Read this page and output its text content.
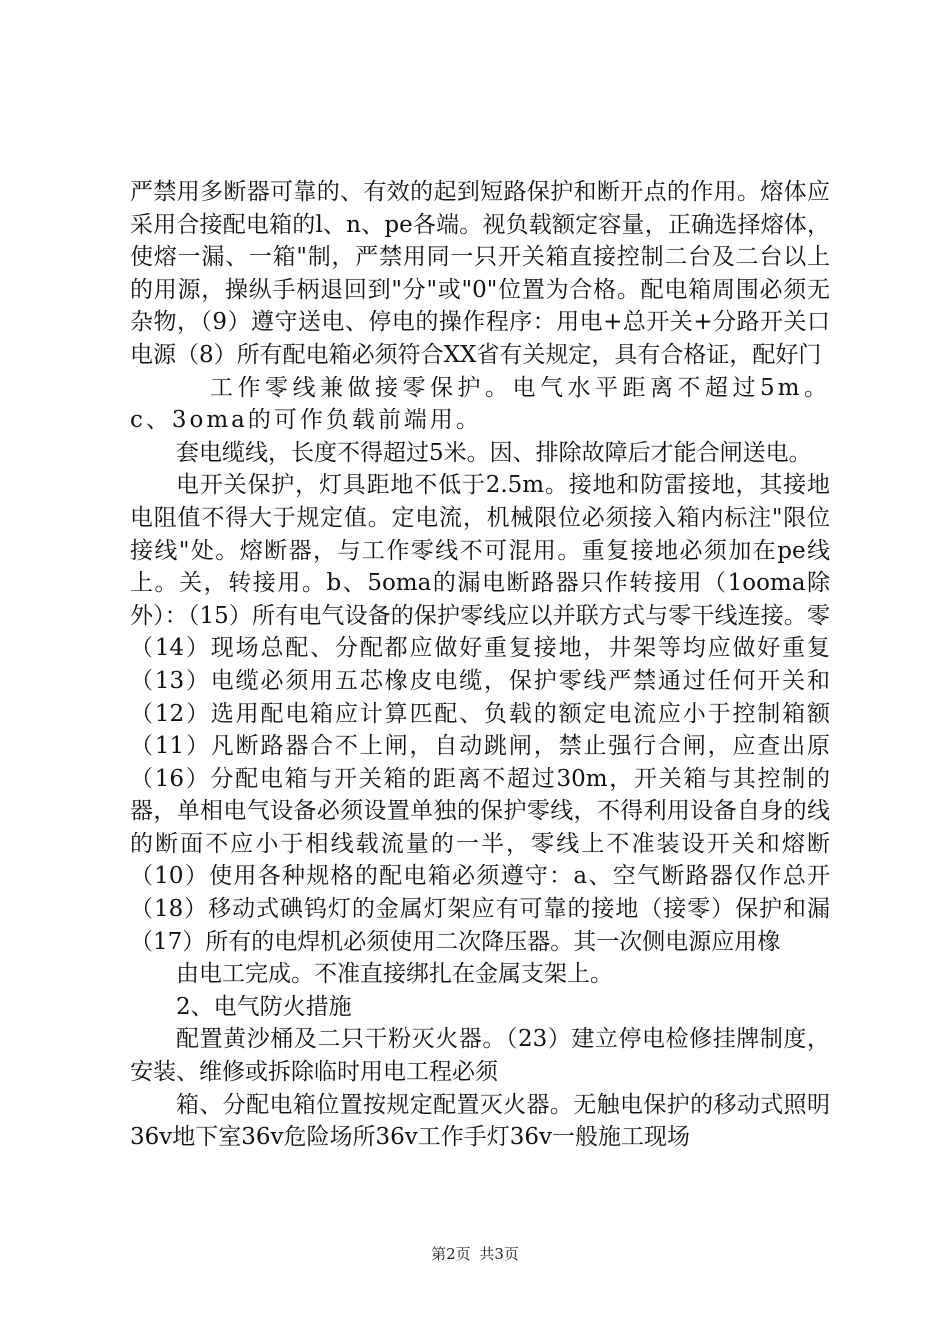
严禁用多断器可靠的、有效的起到短路保护和断开点的作用。熔体应采用合接配电箱的l、n、pe各端。视负载额定容量，正确选择熔体，使熔一漏、一箱"制，严禁用同一只开关箱直接控制二台及二台以上的用源，操纵手柄退回到"分"或"0"位置为合格。配电箱周围必须无杂物，（9）遵守送电、停电的操作程序：用电+总开关+分路开关口电源（8）所有配电箱必须符合XX省有关规定，具有合格证，配好门

工作零线兼做接零保护。电气水平距离不超过5m。c、3oma的可作负载前端用。

套电缆线，长度不得超过5米。因、排除故障后才能合闸送电。

电开关保护，灯具距地不低于2.5m。接地和防雷接地，其接地电阻值不得大于规定值。定电流，机械限位必须接入箱内标注"限位接线"处。熔断器，与工作零线不可混用。重复接地必须加在pe线上。关，转接用。b、5oma的漏电断路器只作转接用（1ooma除外）：（15）所有电气设备的保护零线应以并联方式与零干线连接。零（14）现场总配、分配都应做好重复接地，井架等均应做好重复（13）电缆必须用五芯橡皮电缆，保护零线严禁通过任何开关和（12）选用配电箱应计算匹配、负载的额定电流应小于控制箱额（11）凡断路器合不上闸，自动跳闸，禁止强行合闸，应查出原（16）分配电箱与开关箱的距离不超过30m，开关箱与其控制的器，单相电气设备必须设置单独的保护零线，不得利用设备自身的线的断面不应小于相线载流量的一半，零线上不准装设开关和熔断（10）使用各种规格的配电箱必须遵守：a、空气断路器仅作总开（18）移动式碘钨灯的金属灯架应有可靠的接地（接零）保护和漏（17）所有的电焊机必须使用二次降压器。其一次侧电源应用橡

由电工完成。不准直接绑扎在金属支架上。

2、电气防火措施

配置黄沙桶及二只干粉灭火器。（23）建立停电检修挂牌制度，安装、维修或拆除临时用电工程必须

箱、分配电箱位置按规定配置灭火器。无触电保护的移动式照明36v地下室36v危险场所36v工作手灯36v一般施工现场

第2页 共3页
